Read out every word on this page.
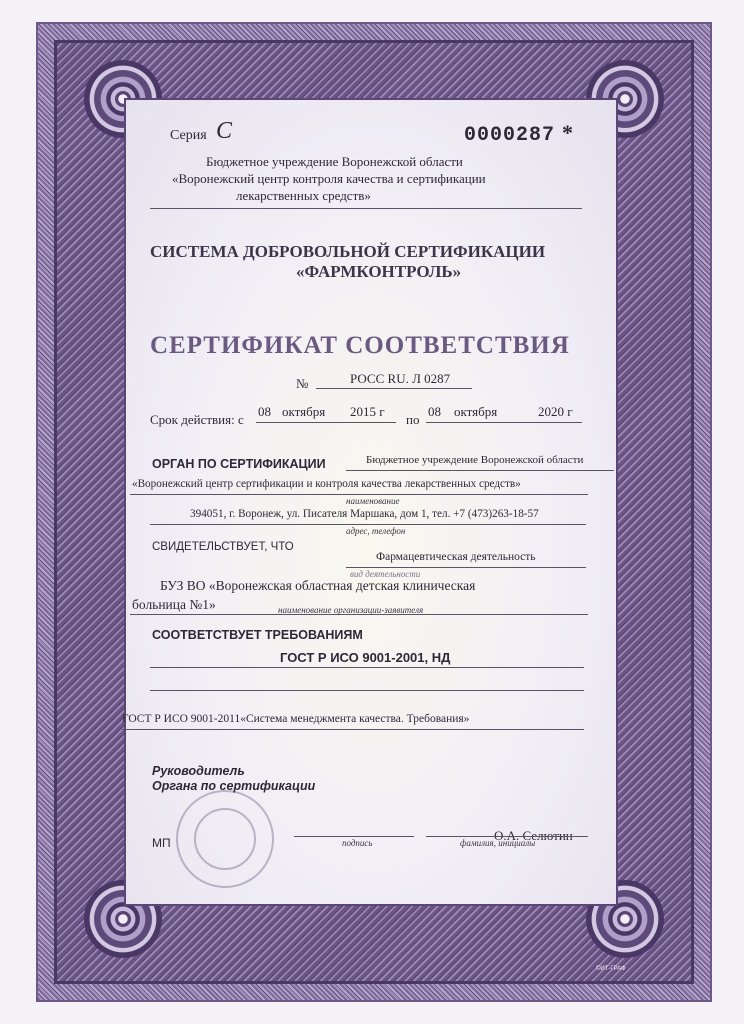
Серия С	0000287 *
Бюджетное учреждение Воронежской области
«Воронежский центр контроля качества и сертификации
лекарственных средств»
СИСТЕМА ДОБРОВОЛЬНОЙ СЕРТИФИКАЦИИ
«ФАРМКОНТРОЛЬ»
СЕРТИФИКАТ СООТВЕТСТВИЯ
№	РОСС RU. Л 0287
Срок действия: с
08 октября 2015 г
по
08 октября	2020 г
ОРГАН ПО СЕРТИФИКАЦИИ	Бюджетное учреждение Воронежской области
«Воронежский центр сертификации и контроля качества лекарственных средств»
наименование
394051, г. Воронеж, ул. Писателя Маршака, дом 1, тел. +7 (473)263-18-57
адрес, телефон
СВИДЕТЕЛЬСТВУЕТ, ЧТО
Фармацевтическая деятельность
вид деятельности
БУЗ ВО «Воронежская областная детская клиническая
больница №1»	наименование организации-заявителя
СООТВЕТСТВУЕТ ТРЕБОВАНИЯМ
ГОСТ Р ИСО 9001-2001, НД
ГОСТ Р ИСО 9001-2011«Система менеджмента качества. Требования»
Руководитель
Органа по сертификации
МП	подпись	О.А. Селютин
фамилия, инициалы
©ИТ-ГРАФ
